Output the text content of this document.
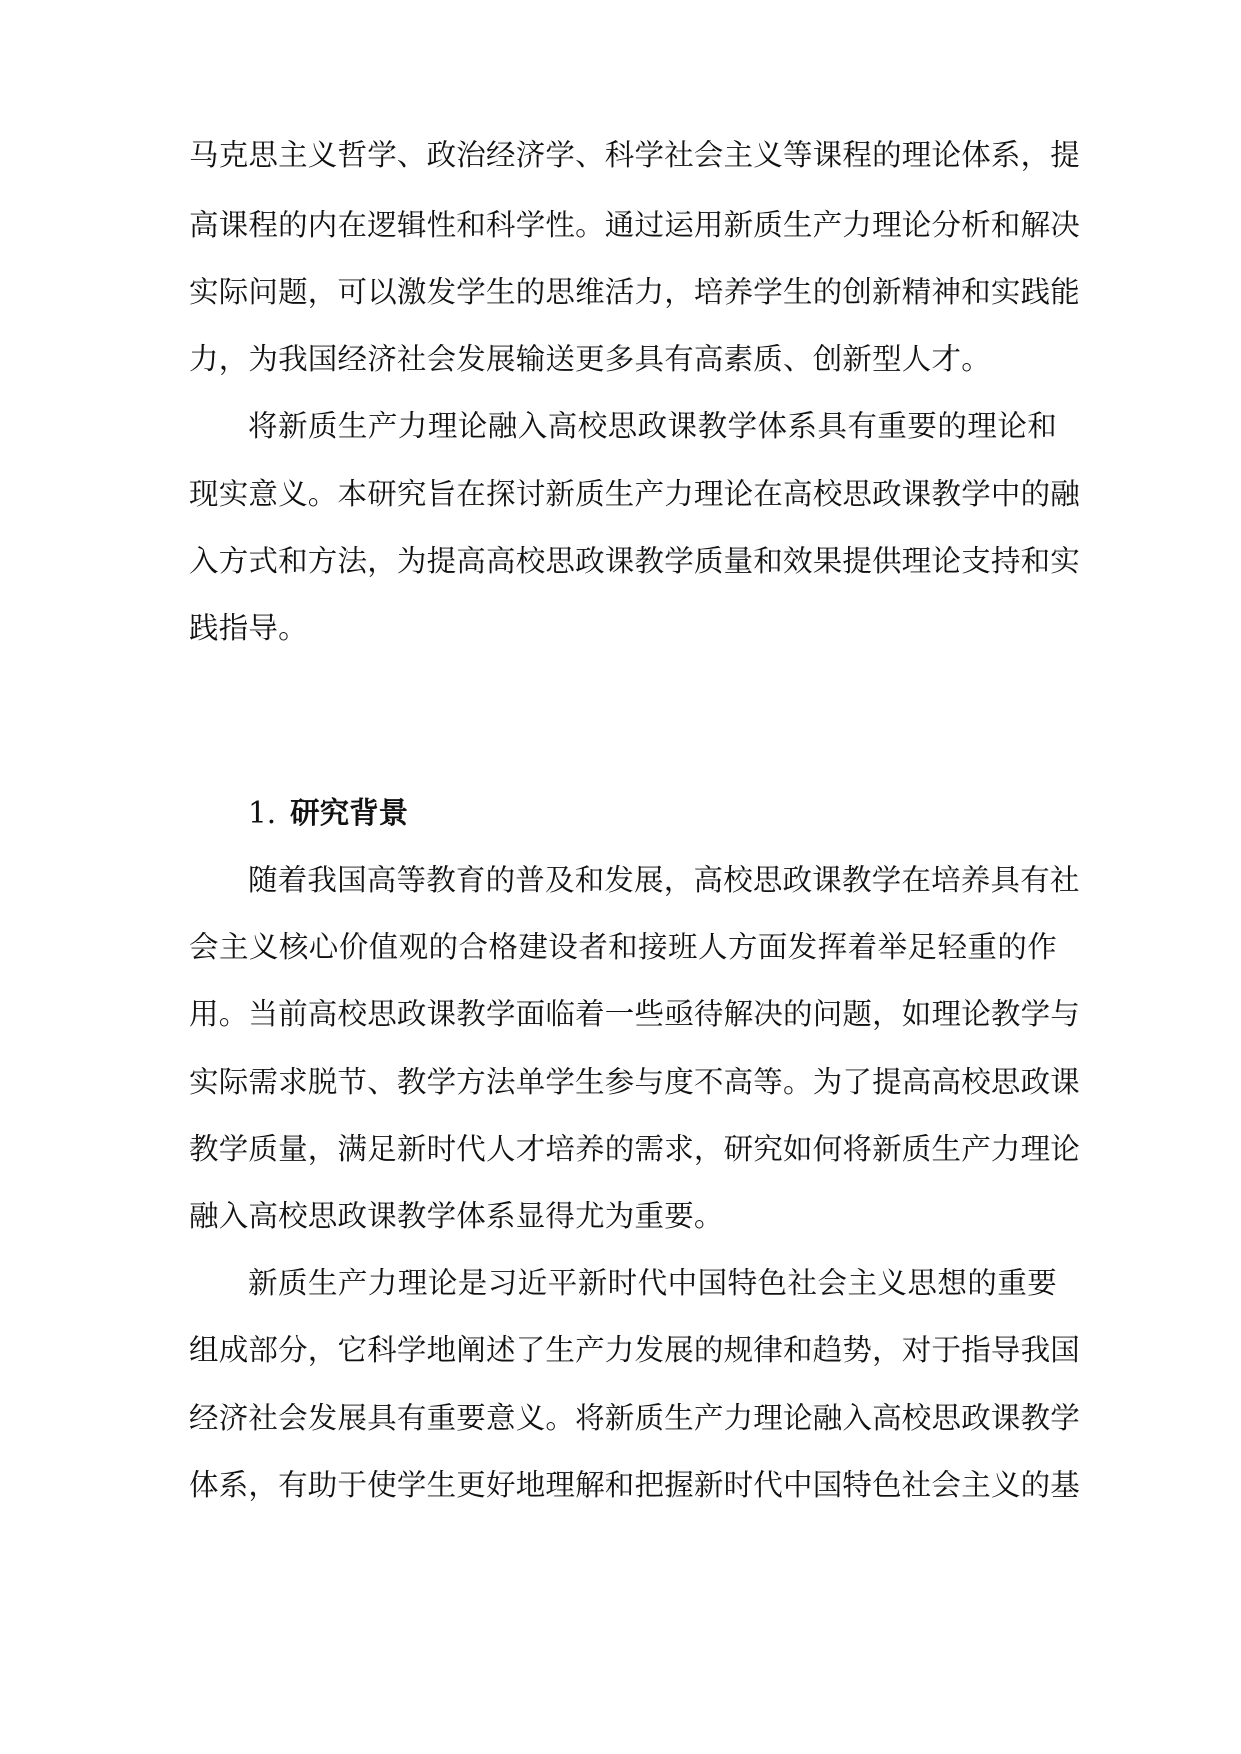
马克思主义哲学、政治经济学、科学社会主义等课程的理论体系，提
高课程的内在逻辑性和科学性。通过运用新质生产力理论分析和解决
实际问题，可以激发学生的思维活力，培养学生的创新精神和实践能
力，为我国经济社会发展输送更多具有高素质、创新型人才。
将新质生产力理论融入高校思政课教学体系具有重要的理论和
现实意义。本研究旨在探讨新质生产力理论在高校思政课教学中的融
入方式和方法，为提高高校思政课教学质量和效果提供理论支持和实
践指导。
1. 研究背景
随着我国高等教育的普及和发展，高校思政课教学在培养具有社
会主义核心价值观的合格建设者和接班人方面发挥着举足轻重的作
用。当前高校思政课教学面临着一些亟待解决的问题，如理论教学与
实际需求脱节、教学方法单学生参与度不高等。为了提高高校思政课
教学质量，满足新时代人才培养的需求，研究如何将新质生产力理论
融入高校思政课教学体系显得尤为重要。
新质生产力理论是习近平新时代中国特色社会主义思想的重要
组成部分，它科学地阐述了生产力发展的规律和趋势，对于指导我国
经济社会发展具有重要意义。将新质生产力理论融入高校思政课教学
体系，有助于使学生更好地理解和把握新时代中国特色社会主义的基
